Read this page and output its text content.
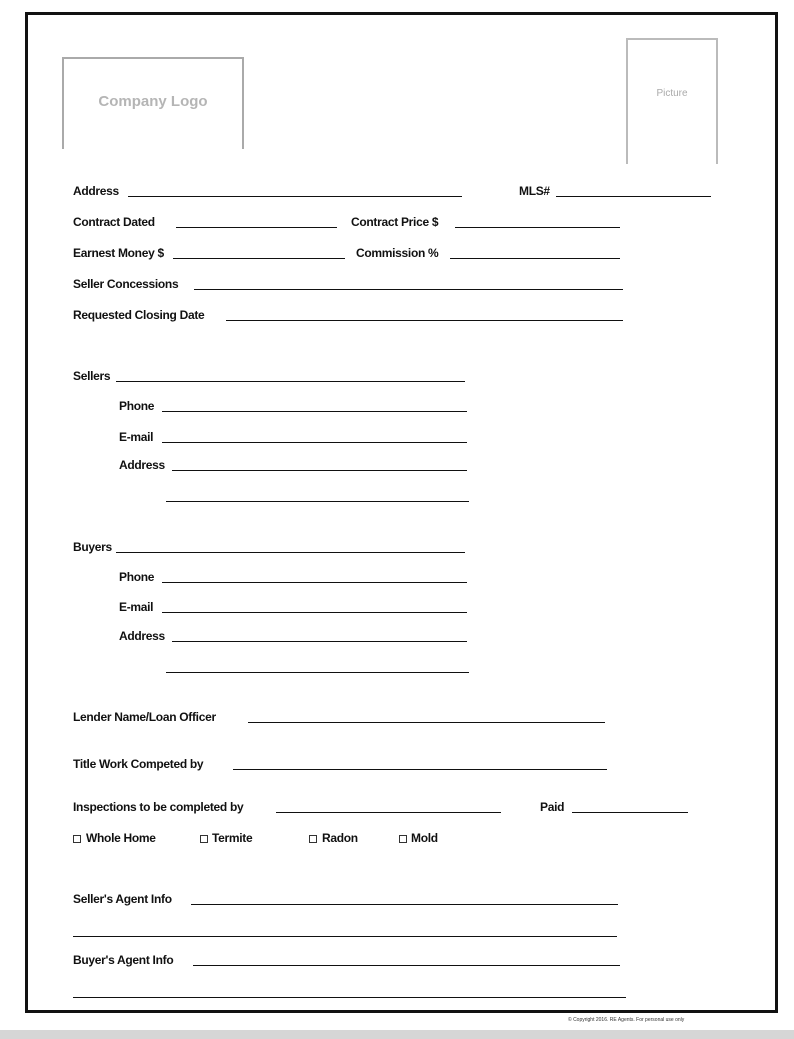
Company Logo	Picture
Address	MLS#
Contract Dated	Contract Price $
Earnest Money $	Commission %
Seller Concessions
Requested Closing Date
Sellers
Phone
E-mail
Address
Buyers
Phone
E-mail
Address
Lender Name/Loan Officer
Title Work Competed by
Inspections to be completed by	Paid
Whole Home	Termite	Radon	Mold
Seller's Agent Info
Buyer's Agent Info
© Copyright 2016. RE Agents. For personal use only
